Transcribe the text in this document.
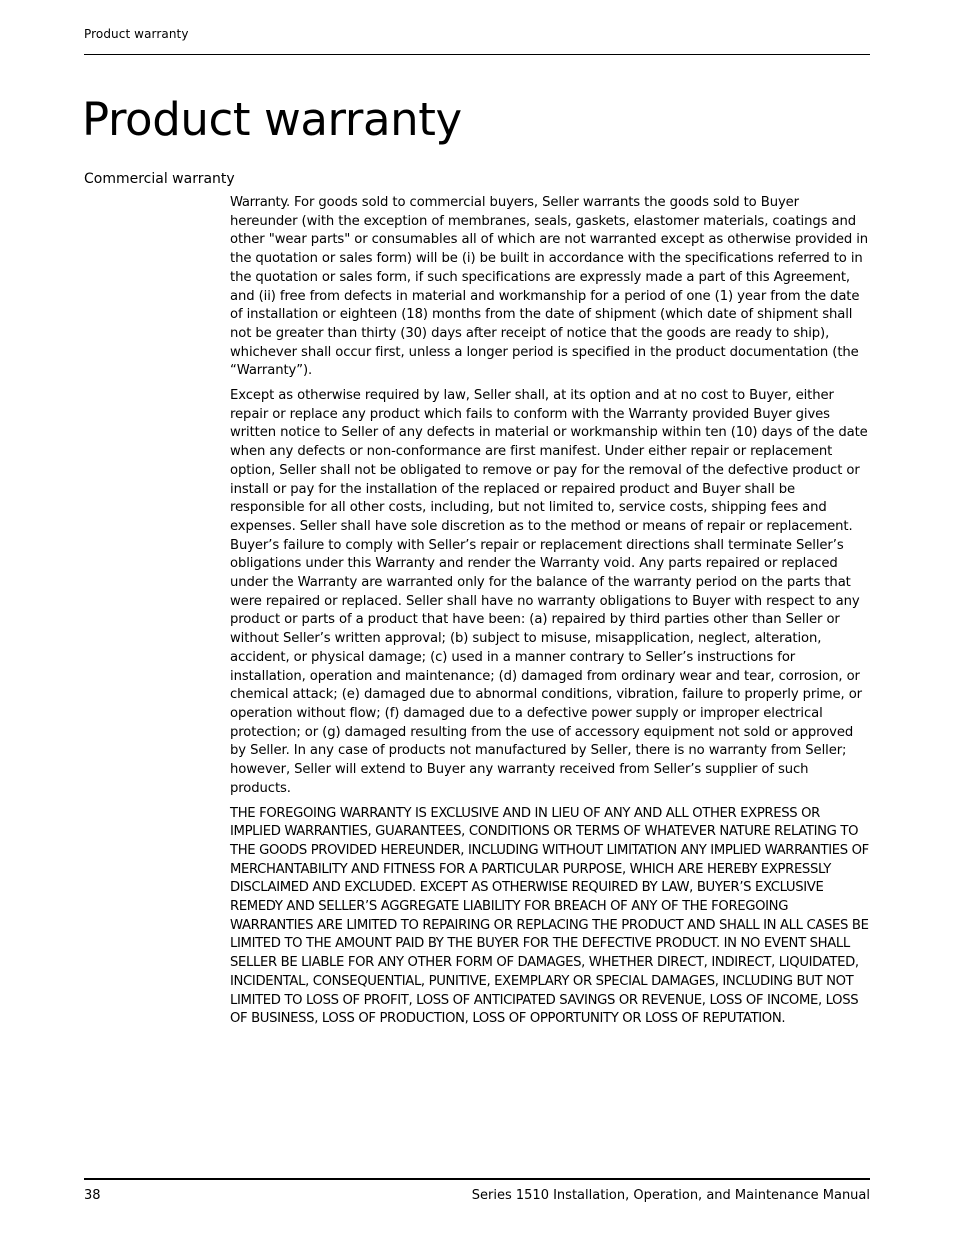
Product warranty
Product warranty
Commercial warranty

Warranty. For goods sold to commercial buyers, Seller warrants the goods sold to Buyer hereunder (with the exception of membranes, seals, gaskets, elastomer materials, coatings and other "wear parts" or consumables all of which are not warranted except as otherwise provided in the quotation or sales form) will be (i) be built in accordance with the specifications referred to in the quotation or sales form, if such specifications are expressly made a part of this Agreement, and (ii) free from defects in material and workmanship for a period of one (1) year from the date of installation or eighteen (18) months from the date of shipment (which date of shipment shall not be greater than thirty (30) days after receipt of notice that the goods are ready to ship), whichever shall occur first, unless a longer period is specified in the product documentation (the “Warranty”).

Except as otherwise required by law, Seller shall, at its option and at no cost to Buyer, either repair or replace any product which fails to conform with the Warranty provided Buyer gives written notice to Seller of any defects in material or workmanship within ten (10) days of the date when any defects or non-conformance are first manifest. Under either repair or replacement option, Seller shall not be obligated to remove or pay for the removal of the defective product or install or pay for the installation of the replaced or repaired product and Buyer shall be responsible for all other costs, including, but not limited to, service costs, shipping fees and expenses. Seller shall have sole discretion as to the method or means of repair or replacement. Buyer’s failure to comply with Seller’s repair or replacement directions shall terminate Seller’s obligations under this Warranty and render the Warranty void. Any parts repaired or replaced under the Warranty are warranted only for the balance of the warranty period on the parts that were repaired or replaced. Seller shall have no warranty obligations to Buyer with respect to any product or parts of a product that have been: (a) repaired by third parties other than Seller or without Seller’s written approval; (b) subject to misuse, misapplication, neglect, alteration, accident, or physical damage; (c) used in a manner contrary to Seller’s instructions for installation, operation and maintenance; (d) damaged from ordinary wear and tear, corrosion, or chemical attack; (e) damaged due to abnormal conditions, vibration, failure to properly prime, or operation without flow; (f) damaged due to a defective power supply or improper electrical protection; or (g) damaged resulting from the use of accessory equipment not sold or approved by Seller. In any case of products not manufactured by Seller, there is no warranty from Seller; however, Seller will extend to Buyer any warranty received from Seller’s supplier of such products.

THE FOREGOING WARRANTY IS EXCLUSIVE AND IN LIEU OF ANY AND ALL OTHER EXPRESS OR IMPLIED WARRANTIES, GUARANTEES, CONDITIONS OR TERMS OF WHATEVER NATURE RELATING TO THE GOODS PROVIDED HEREUNDER, INCLUDING WITHOUT LIMITATION ANY IMPLIED WARRANTIES OF MERCHANTABILITY AND FITNESS FOR A PARTICULAR PURPOSE, WHICH ARE HEREBY EXPRESSLY DISCLAIMED AND EXCLUDED. EXCEPT AS OTHERWISE REQUIRED BY LAW, BUYER’S EXCLUSIVE REMEDY AND SELLER’S AGGREGATE LIABILITY FOR BREACH OF ANY OF THE FOREGOING WARRANTIES ARE LIMITED TO REPAIRING OR REPLACING THE PRODUCT AND SHALL IN ALL CASES BE LIMITED TO THE AMOUNT PAID BY THE BUYER FOR THE DEFECTIVE PRODUCT. IN NO EVENT SHALL SELLER BE LIABLE FOR ANY OTHER FORM OF DAMAGES, WHETHER DIRECT, INDIRECT, LIQUIDATED, INCIDENTAL, CONSEQUENTIAL, PUNITIVE, EXEMPLARY OR SPECIAL DAMAGES, INCLUDING BUT NOT LIMITED TO LOSS OF PROFIT, LOSS OF ANTICIPATED SAVINGS OR REVENUE, LOSS OF INCOME, LOSS OF BUSINESS, LOSS OF PRODUCTION, LOSS OF OPPORTUNITY OR LOSS OF REPUTATION.

38	Series 1510 Installation, Operation, and Maintenance Manual
